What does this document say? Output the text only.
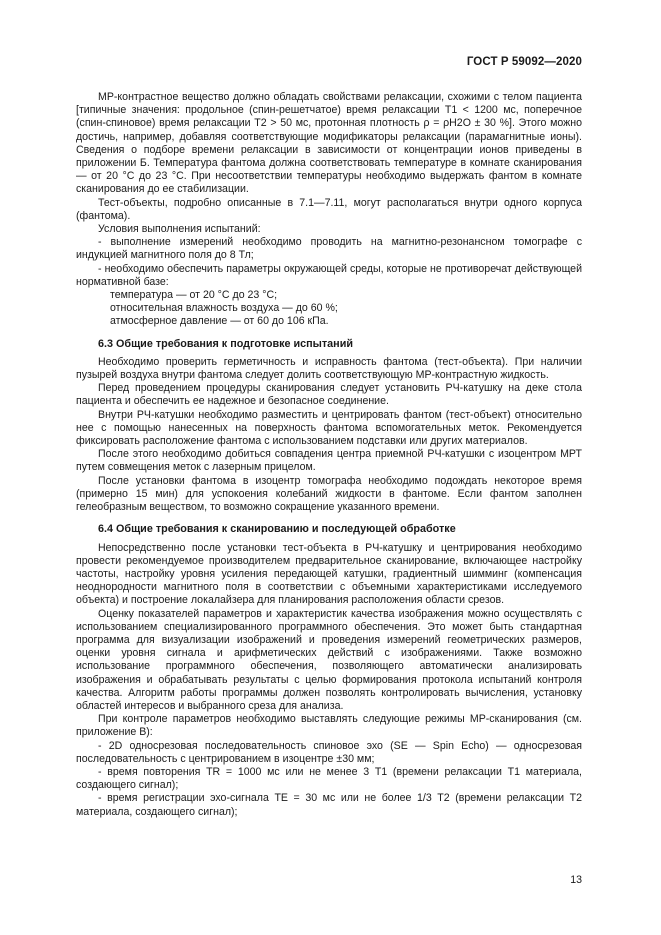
ГОСТ Р 59092—2020

МР-контрастное вещество должно обладать свойствами релаксации, схожими с телом пациента [типичные значения: продольное (спин-решетчатое) время релаксации T1 < 1200 мс, поперечное (спин-спиновое) время релаксации T2 > 50 мс, протонная плотность ρ = ρH2O ± 30 %]. Этого можно достичь, например, добавляя соответствующие модификаторы релаксации (парамагнитные ионы). Сведения о подборе времени релаксации в зависимости от концентрации ионов приведены в приложении Б. Температура фантома должна соответствовать температуре в комнате сканирования — от 20 °C до 23 °C. При несоответствии температуры необходимо выдержать фантом в комнате сканирования до ее стабилизации.

Тест-объекты, подробно описанные в 7.1—7.11, могут располагаться внутри одного корпуса (фантома).

Условия выполнения испытаний:

- выполнение измерений необходимо проводить на магнитно-резонансном томографе с индукцией магнитного поля до 8 Тл;

- необходимо обеспечить параметры окружающей среды, которые не противоречат действующей нормативной базе:

температура — от 20 °C до 23 °C;

относительная влажность воздуха — до 60 %;

атмосферное давление — от 60 до 106 кПа.

6.3 Общие требования к подготовке испытаний

Необходимо проверить герметичность и исправность фантома (тест-объекта). При наличии пузырей воздуха внутри фантома следует долить соответствующую МР-контрастную жидкость.

Перед проведением процедуры сканирования следует установить РЧ-катушку на деке стола пациента и обеспечить ее надежное и безопасное соединение.

Внутри РЧ-катушки необходимо разместить и центрировать фантом (тест-объект) относительно нее с помощью нанесенных на поверхность фантома вспомогательных меток. Рекомендуется фиксировать расположение фантома с использованием подставки или других материалов.

После этого необходимо добиться совпадения центра приемной РЧ-катушки с изоцентром МРТ путем совмещения меток с лазерным прицелом.

После установки фантома в изоцентр томографа необходимо подождать некоторое время (примерно 15 мин) для успокоения колебаний жидкости в фантоме. Если фантом заполнен гелеобразным веществом, то возможно сокращение указанного времени.

6.4 Общие требования к сканированию и последующей обработке

Непосредственно после установки тест-объекта в РЧ-катушку и центрирования необходимо провести рекомендуемое производителем предварительное сканирование, включающее настройку частоты, настройку уровня усиления передающей катушки, градиентный шимминг (компенсация неоднородности магнитного поля в соответствии с объемными характеристиками исследуемого объекта) и построение локалайзера для планирования расположения области срезов.

Оценку показателей параметров и характеристик качества изображения можно осуществлять с использованием специализированного программного обеспечения. Это может быть стандартная программа для визуализации изображений и проведения измерений геометрических размеров, оценки уровня сигнала и арифметических действий с изображениями. Также возможно использование программного обеспечения, позволяющего автоматически анализировать изображения и обрабатывать результаты с целью формирования протокола испытаний контроля качества. Алгоритм работы программы должен позволять контролировать вычисления, установку областей интересов и выбранного среза для анализа.

При контроле параметров необходимо выставлять следующие режимы МР-сканирования (см. приложение В):

- 2D односрезовая последовательность спиновое эхо (SE — Spin Echo) — односрезовая последовательность с центрированием в изоцентре ±30 мм;

- время повторения TR = 1000 мс или не менее 3 T1 (времени релаксации T1 материала, создающего сигнал);

- время регистрации эхо-сигнала TE = 30 мс или не более 1/3 T2 (времени релаксации T2 материала, создающего сигнал);

13
